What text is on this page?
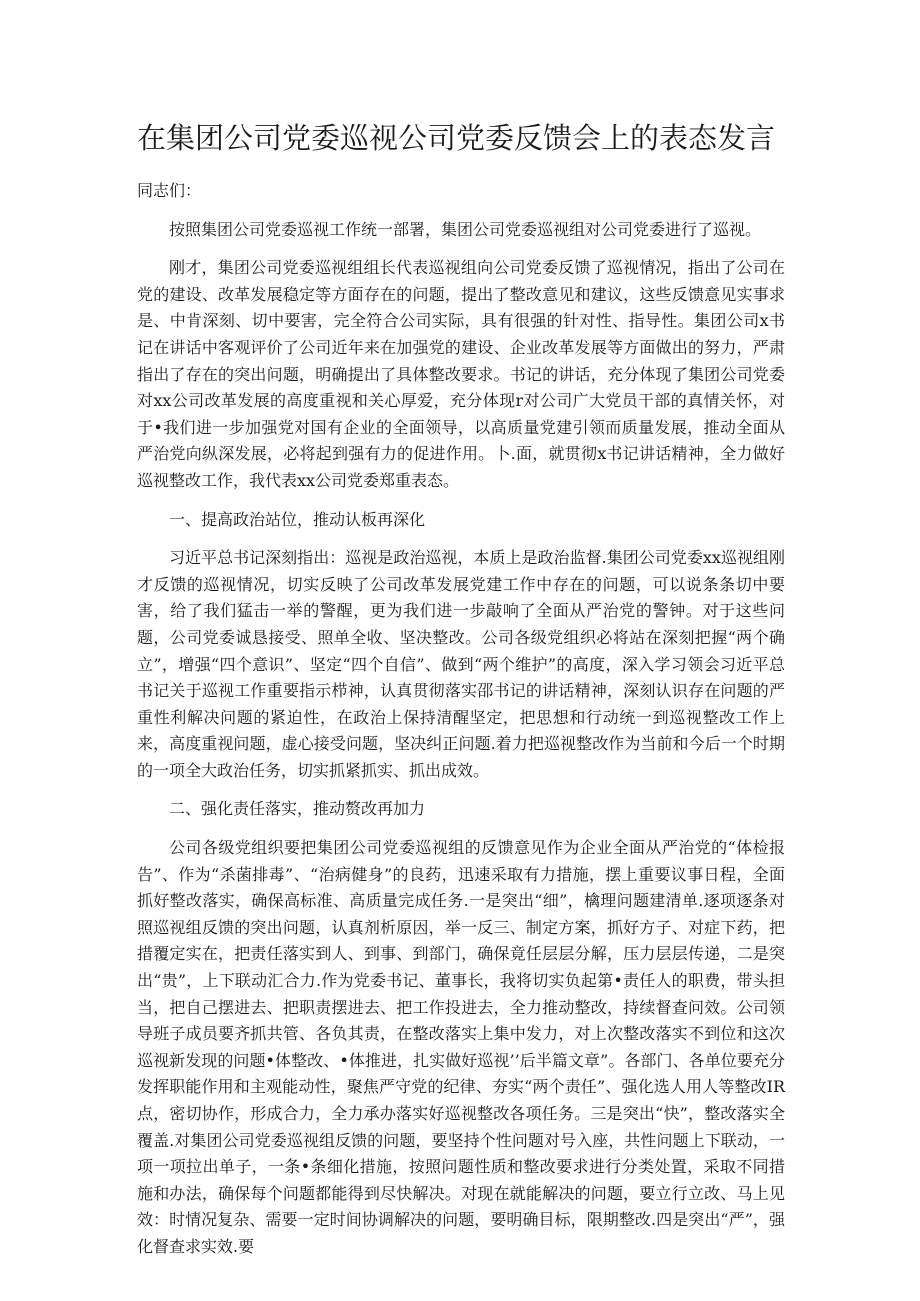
在集团公司党委巡视公司党委反馈会上的表态发言

同志们：

按照集团公司党委巡视工作统一部署，集团公司党委巡视组对公司党委进行了巡视。

刚才，集团公司党委巡视组组长代表巡视组向公司党委反馈了巡视情况，指出了公司在党的建设、改革发展稳定等方面存在的问题，提出了整改意见和建议，这些反馈意见实事求是、中肯深刻、切中要害，完全符合公司实际，具有很强的针对性、指导性。集团公司x书记在讲话中客观评价了公司近年来在加强党的建设、企业改革发展等方面做出的努力，严肃指出了存在的突出问题，明确提出了具体整改要求。书记的讲话，充分体现了集团公司党委对xx公司改革发展的高度重视和关心厚爱，充分体现r对公司广大党员干部的真情关怀，对于•我们进一步加强党对国有企业的全面领导，以高质量党建引领而质量发展，推动全面从严治党向纵深发展，必将起到强有力的促进作用。卜.面，就贯彻x书记讲话精神，全力做好巡视整改工作，我代表xx公司党委郑重表态。

一、提高政治站位，推动认板再深化

习近平总书记深刻指出：巡视是政治巡视，本质上是政治监督.集团公司党委xx巡视组刚才反馈的巡视情况，切实反映了公司改革发展党建工作中存在的问题，可以说条条切中要害，给了我们猛击一举的警醒，更为我们进一步敲响了全面从严治党的警钟。对于这些问题，公司党委诚恳接受、照单全收、坚决整改。公司各级党组织必将站在深刻把握“两个确立”，增强“四个意识”、坚定“四个自信”、做到“两个维护”的高度，深入学习领会习近平总书记关于巡视工作重要指示栉神，认真贯彻落实邵书记的讲话精神，深刻认识存在问题的严重性利解决问题的紧迫性，在政治上保持清醒坚定，把思想和行动统一到巡视整改工作上来，高度重视问题，虚心接受问题，坚决纠正问题.着力把巡视整改作为当前和今后一个时期的一项全大政治任务，切实抓紧抓实、抓出成效。

二、强化责任落实，推动赘改再加力

公司各级党组织要把集团公司党委巡视组的反馈意见作为企业全面从严治党的“体检报告”、作为“杀菌排毒”、“治病健身”的良药，迅速采取有力措施，摆上重要议事日程，全面抓好整改落实，确保高标准、高质量完成任务.一是突出“细”，檎理问题建清单.逐项逐条对照巡视组反馈的突出问题，认真剂析原因，举一反三、制定方案，抓好方子、对症下药，把措覆定实在，把责任落实到人、到事、到部门，确保竟任层层分解，压力层层传递，二是突出“贵”，上下联动汇合力.作为党委书记、董事长，我将切实负起第•责任人的职费，带头担当，把自己摆进去、把职责摆进去、把工作投进去，全力推动整改，持续督查问效。公司领导班子成员要齐抓共管、各负其责，在整改落实上集中发力，对上次整改落实不到位和这次巡视新发现的问题•体整改、•体推进，扎实做好巡视’’后半篇文章”。各部门、各单位要充分发挥职能作用和主观能动性，聚焦严守党的纪律、夯实“两个责任”、强化选人用人等整改IR点，密切协作，形成合力，全力承办落实好巡视整改各项任务。三是突出“快”，整改落实全覆盖.对集团公司党委巡视组反馈的问题，要坚持个性问题对号入座，共性问题上下联动，一项一项拉出单子，一条•条细化措施，按照问题性质和整改要求进行分类处置，采取不同措施和办法，确保每个问题都能得到尽快解决。对现在就能解决的问题，要立行立改、马上见效：时情况复杂、需要一定时间协调解决的问题，要明确目标，限期整改.四是突出“严”，强化督查求实效.要
